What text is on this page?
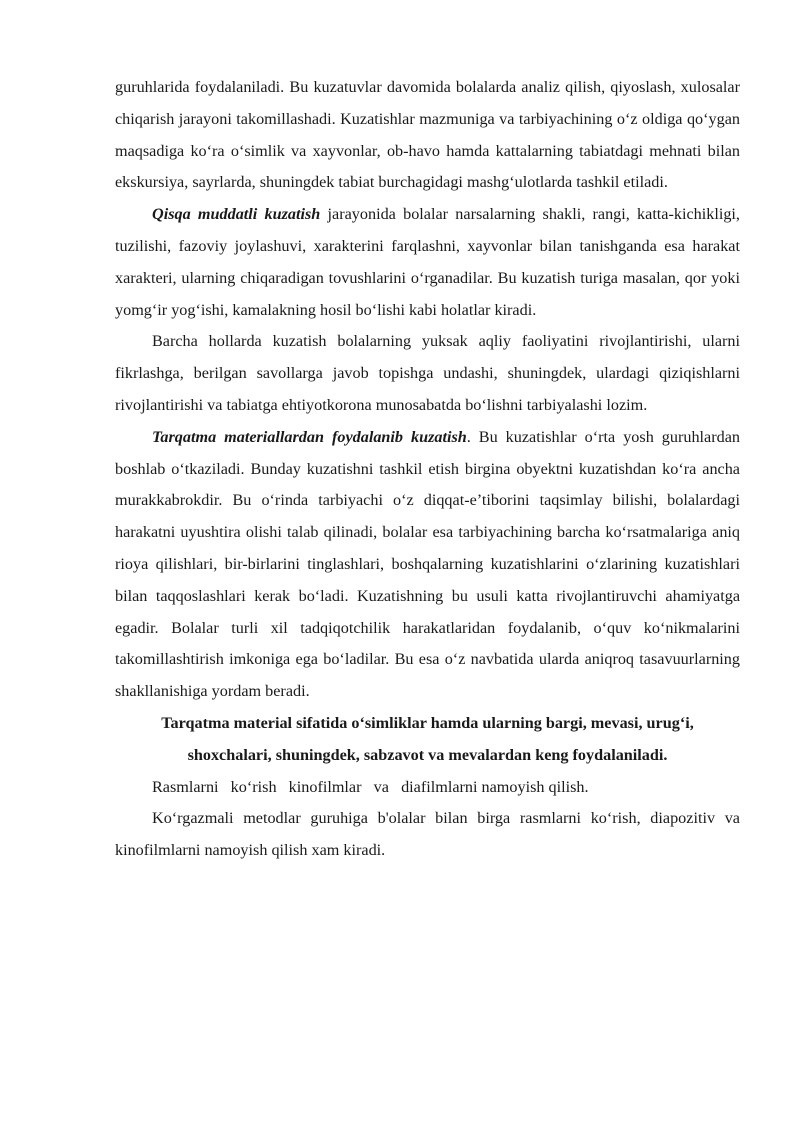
guruhlarida foydalaniladi. Bu kuzatuvlar davomida bolalarda analiz qilish, qiyoslash, xulosalar chiqarish jarayoni takomillashadi. Kuzatishlar mazmuniga va tarbiyachining o‘z oldiga qo‘ygan maqsadiga ko‘ra o‘simlik va xayvonlar, ob-havo hamda kattalarning tabiatdagi mehnati bilan ekskursiya, sayrlarda, shuningdek tabiat burchagidagi mashg‘ulotlarda tashkil etiladi.

Qisqa muddatli kuzatish jarayonida bolalar narsalarning shakli, rangi, katta-kichikligi, tuzilishi, fazoviy joylashuvi, xarakterini farqlashni, xayvonlar bilan tanishganda esa harakat xarakteri, ularning chiqaradigan tovushlarini o‘rganadilar. Bu kuzatish turiga masalan, qor yoki yomg‘ir yog‘ishi, kamalakning hosil bo‘lishi kabi holatlar kiradi.

Barcha hollarda kuzatish bolalarning yuksak aqliy faoliyatini rivojlantirishi, ularni fikrlashga, berilgan savollarga javob topishga undashi, shuningdek, ulardagi qiziqishlarni rivojlantirishi va tabiatga ehtiyotkorona munosabatda bo‘lishni tarbiyalashi lozim.

Tarqatma materiallardan foydalanib kuzatish. Bu kuzatishlar o‘rta yosh guruhlardan boshlab o‘tkaziladi. Bunday kuzatishni tashkil etish birgina obyektni kuzatishdan ko‘ra ancha murakkabrokdir. Bu o‘rinda tarbiyachi o‘z diqqat-e’tiborini taqsimlay bilishi, bolalardagi harakatni uyushtira olishi talab qilinadi, bolalar esa tarbiyachining barcha ko‘rsatmalariga aniq rioya qilishlari, bir-birlarini tinglashlari, boshqalarning kuzatishlarini o‘zlarining kuzatishlari bilan taqqoslashlari kerak bo‘ladi. Kuzatishning bu usuli katta rivojlantiruvchi ahamiyatga egadir. Bolalar turli xil tadqiqotchilik harakatlaridan foydalanib, o‘quv ko‘nikmalarini takomillashtirish imkoniga ega bo‘ladilar. Bu esa o‘z navbatida ularda aniqroq tasavuurlarning shakllanishiga yordam beradi.

Tarqatma material sifatida o‘simliklar hamda ularning bargi, mevasi, urug‘i,
shoxchalari, shuningdek, sabzavot va mevalardan keng foydalaniladi.

Rasmlarni   ko‘rish   kinofilmlar   va   diafilmlarni namoyish qilish.

Ko‘rgazmali metodlar guruhiga b'olalar bilan birga rasmlarni ko‘rish, diapozitiv va kinofilmlarni namoyish qilish xam kiradi.
